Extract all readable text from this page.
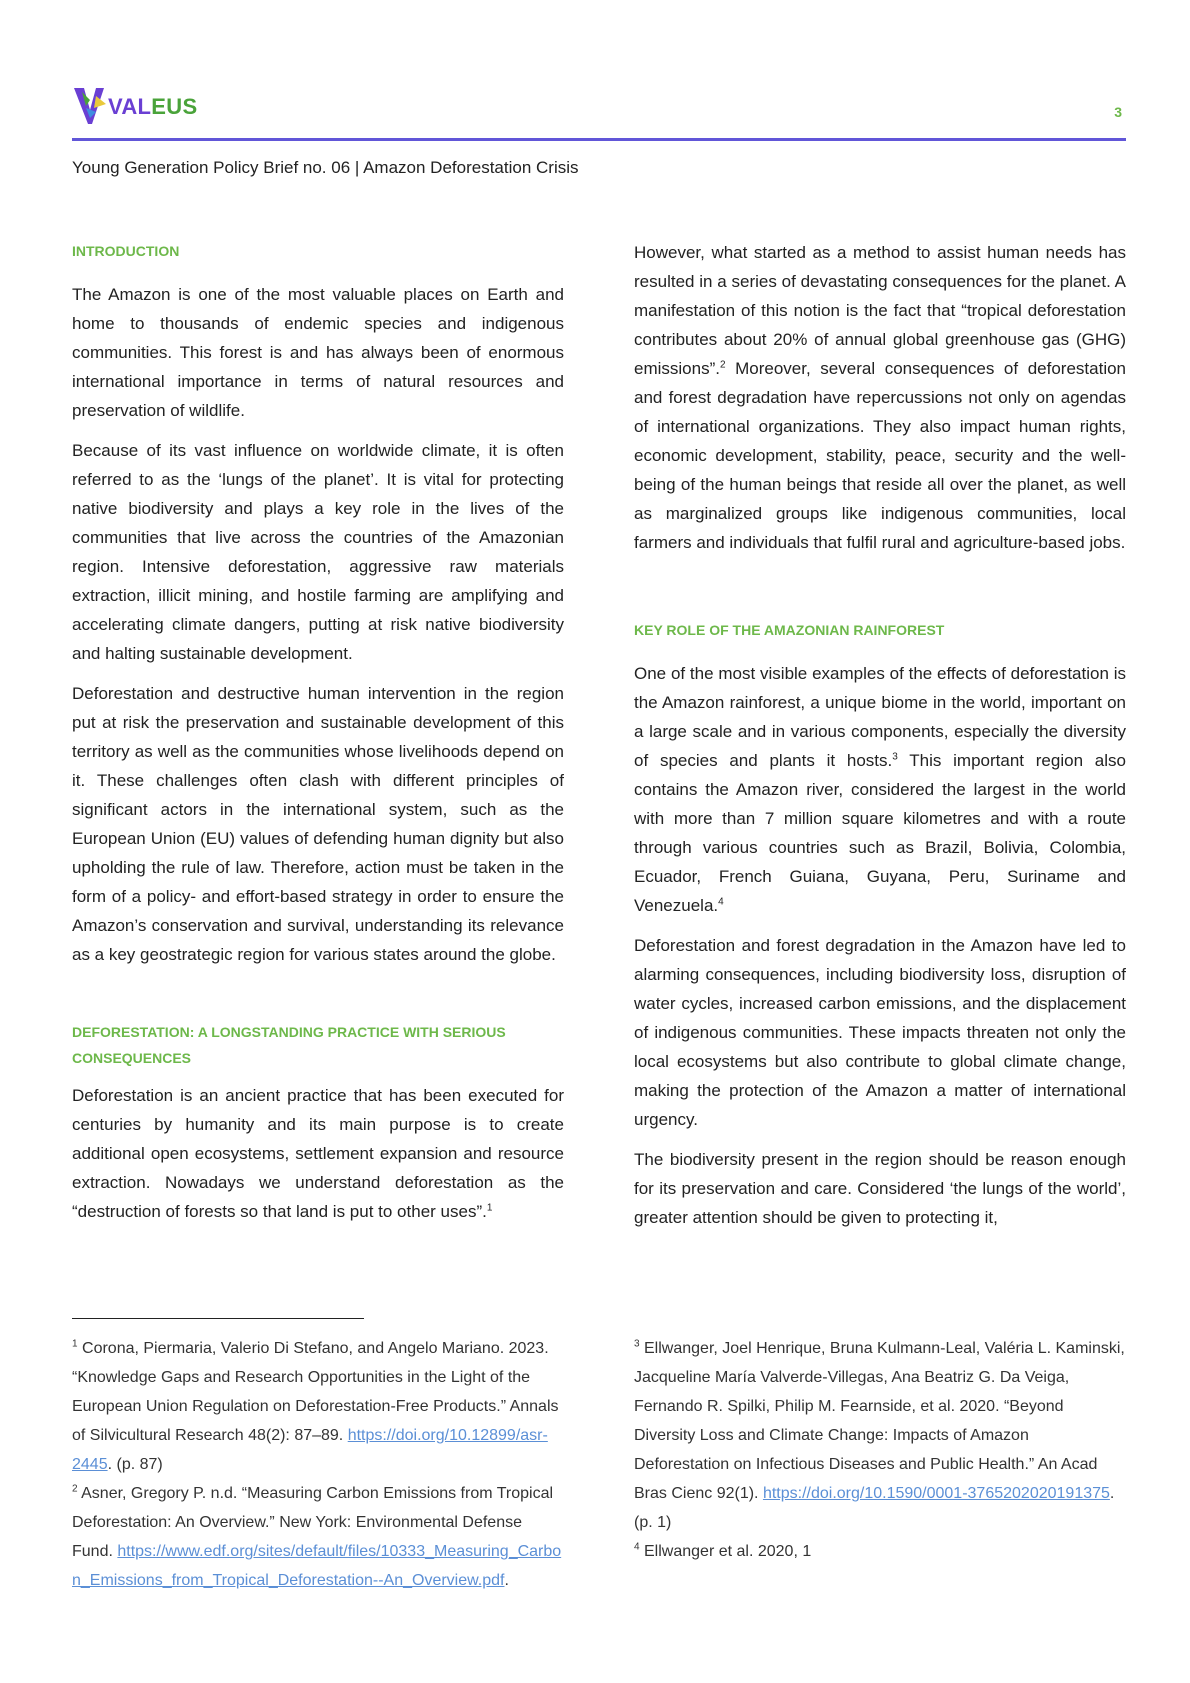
VALEUS	3
Young Generation Policy Brief no. 06 | Amazon Deforestation Crisis
INTRODUCTION

The Amazon is one of the most valuable places on Earth and home to thousands of endemic species and indigenous communities. This forest is and has always been of enormous international importance in terms of natural resources and preservation of wildlife.

Because of its vast influence on worldwide climate, it is often referred to as the ‘lungs of the planet’. It is vital for protecting native biodiversity and plays a key role in the lives of the communities that live across the countries of the Amazonian region. Intensive deforestation, aggressive raw materials extraction, illicit mining, and hostile farming are amplifying and accelerating climate dangers, putting at risk native biodiversity and halting sustainable development.

Deforestation and destructive human intervention in the region put at risk the preservation and sustainable development of this territory as well as the communities whose livelihoods depend on it. These challenges often clash with different principles of significant actors in the international system, such as the European Union (EU) values of defending human dignity but also upholding the rule of law. Therefore, action must be taken in the form of a policy- and effort-based strategy in order to ensure the Amazon’s conservation and survival, understanding its relevance as a key geostrategic region for various states around the globe.

DEFORESTATION: A LONGSTANDING PRACTICE WITH SERIOUS CONSEQUENCES

Deforestation is an ancient practice that has been executed for centuries by humanity and its main purpose is to create additional open ecosystems, settlement expansion and resource extraction. Nowadays we understand deforestation as the “destruction of forests so that land is put to other uses”.$^1$

However, what started as a method to assist human needs has resulted in a series of devastating consequences for the planet. A manifestation of this notion is the fact that “tropical deforestation contributes about 20% of annual global greenhouse gas (GHG) emissions”.$^2$ Moreover, several consequences of deforestation and forest degradation have repercussions not only on agendas of international organizations. They also impact human rights, economic development, stability, peace, security and the well-being of the human beings that reside all over the planet, as well as marginalized groups like indigenous communities, local farmers and individuals that fulfil rural and agriculture-based jobs.

KEY ROLE OF THE AMAZONIAN RAINFOREST

One of the most visible examples of the effects of deforestation is the Amazon rainforest, a unique biome in the world, important on a large scale and in various components, especially the diversity of species and plants it hosts.$^3$ This important region also contains the Amazon river, considered the largest in the world with more than 7 million square kilometres and with a route through various countries such as Brazil, Bolivia, Colombia, Ecuador, French Guiana, Guyana, Peru, Suriname and Venezuela.$^4$

Deforestation and forest degradation in the Amazon have led to alarming consequences, including biodiversity loss, disruption of water cycles, increased carbon emissions, and the displacement of indigenous communities. These impacts threaten not only the local ecosystems but also contribute to global climate change, making the protection of the Amazon a matter of international urgency.

The biodiversity present in the region should be reason enough for its preservation and care. Considered ‘the lungs of the world’, greater attention should be given to protecting it,

$^1$ Corona, Piermaria, Valerio Di Stefano, and Angelo Mariano. 2023. “Knowledge Gaps and Research Opportunities in the Light of the European Union Regulation on Deforestation-Free Products.” Annals of Silvicultural Research 48(2): 87–89. https://doi.org/10.12899/asr-2445. (p. 87)

$^2$ Asner, Gregory P. n.d. “Measuring Carbon Emissions from Tropical Deforestation: An Overview.” New York: Environmental Defense Fund. https://www.edf.org/sites/default/files/10333_Measuring_Carbon_Emissions_from_Tropical_Deforestation--An_Overview.pdf.

$^3$ Ellwanger, Joel Henrique, Bruna Kulmann-Leal, Valéria L. Kaminski, Jacqueline María Valverde-Villegas, Ana Beatriz G. Da Veiga, Fernando R. Spilki, Philip M. Fearnside, et al. 2020. “Beyond Diversity Loss and Climate Change: Impacts of Amazon Deforestation on Infectious Diseases and Public Health.” An Acad Bras Cienc 92(1). https://doi.org/10.1590/0001-3765202020191375. (p. 1)

$^4$ Ellwanger et al. 2020, 1
